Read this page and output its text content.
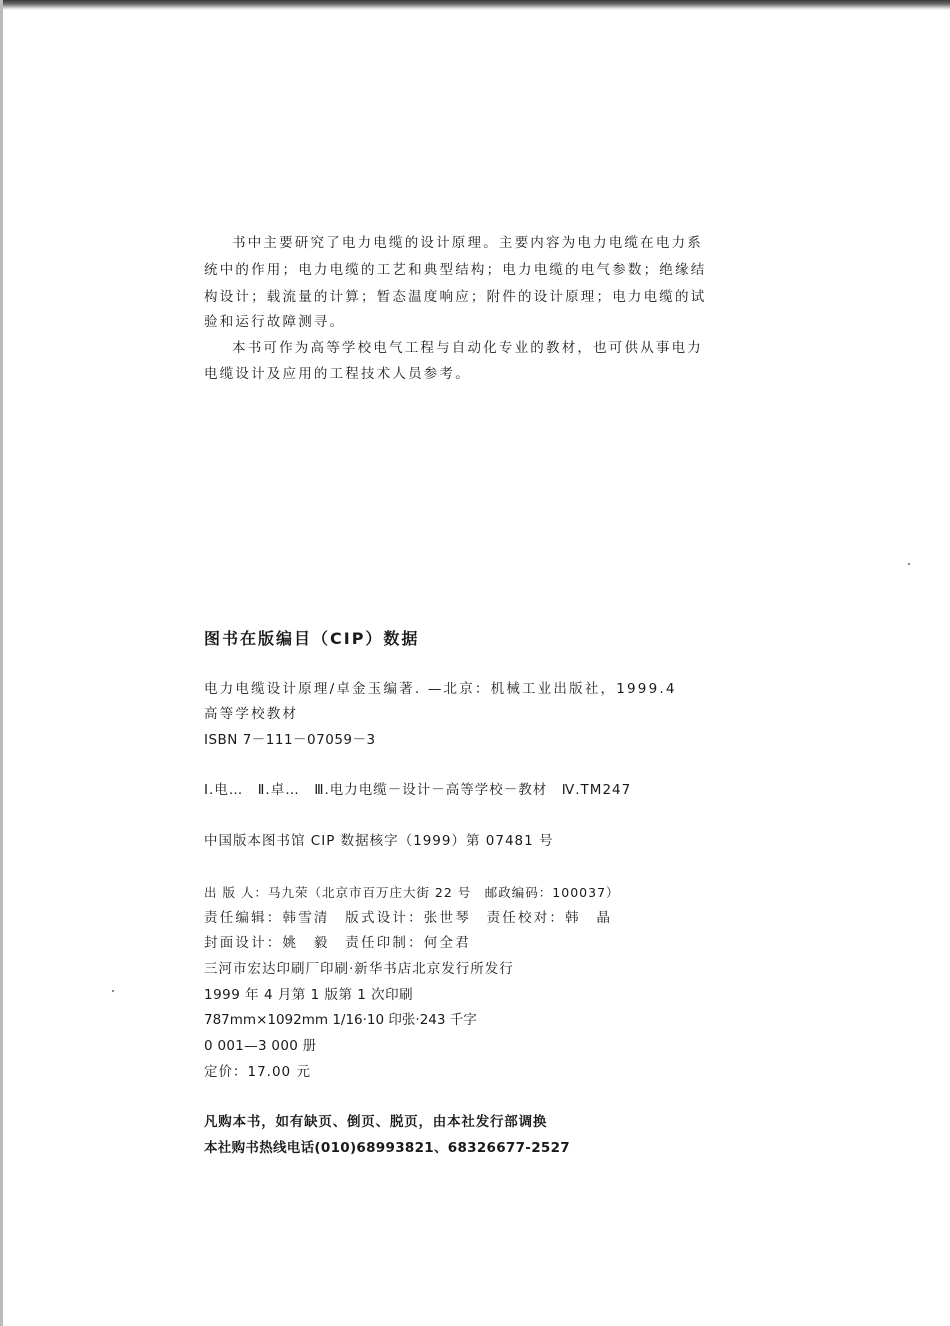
书中主要研究了电力电缆的设计原理。主要内容为电力电缆在电力系
统中的作用；电力电缆的工艺和典型结构；电力电缆的电气参数；绝缘结
构设计；载流量的计算；暂态温度响应；附件的设计原理；电力电缆的试
验和运行故障测寻。
本书可作为高等学校电气工程与自动化专业的教材，也可供从事电力
电缆设计及应用的工程技术人员参考。
图书在版编目（CIP）数据
电力电缆设计原理/卓金玉编著. —北京：机械工业出版社，1999.4
高等学校教材
ISBN 7－111－07059－3
Ⅰ.电…　Ⅱ.卓…　Ⅲ.电力电缆－设计－高等学校－教材　Ⅳ.TM247
中国版本图书馆 CIP 数据核字（1999）第 07481 号
出 版 人：马九荣（北京市百万庄大街 22 号　邮政编码：100037）
责任编辑：韩雪清　版式设计：张世琴　责任校对：韩　晶
封面设计：姚　毅　责任印制：何全君
三河市宏达印刷厂印刷·新华书店北京发行所发行
1999 年 4 月第 1 版第 1 次印刷
787mm×1092mm 1/16·10 印张·243 千字
0 001—3 000 册
定价：17.00 元
凡购本书，如有缺页、倒页、脱页，由本社发行部调换
本社购书热线电话(010)68993821、68326677-2527
